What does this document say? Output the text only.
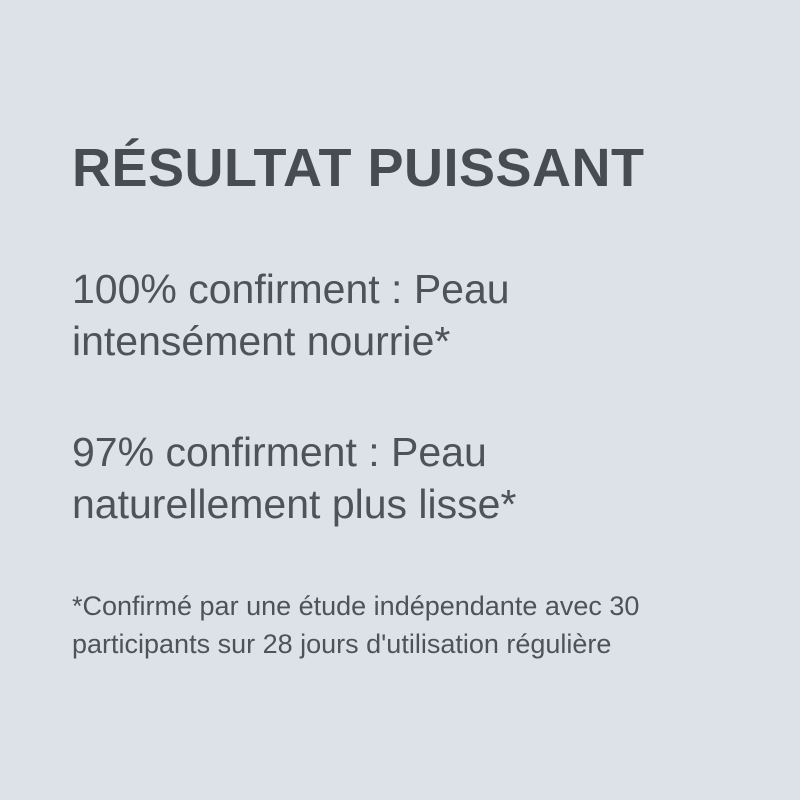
RÉSULTAT PUISSANT

100% confirment : Peau intensément nourrie*

97% confirment : Peau naturellement plus lisse*

*Confirmé par une étude indépendante avec 30 participants sur 28 jours d'utilisation régulière
